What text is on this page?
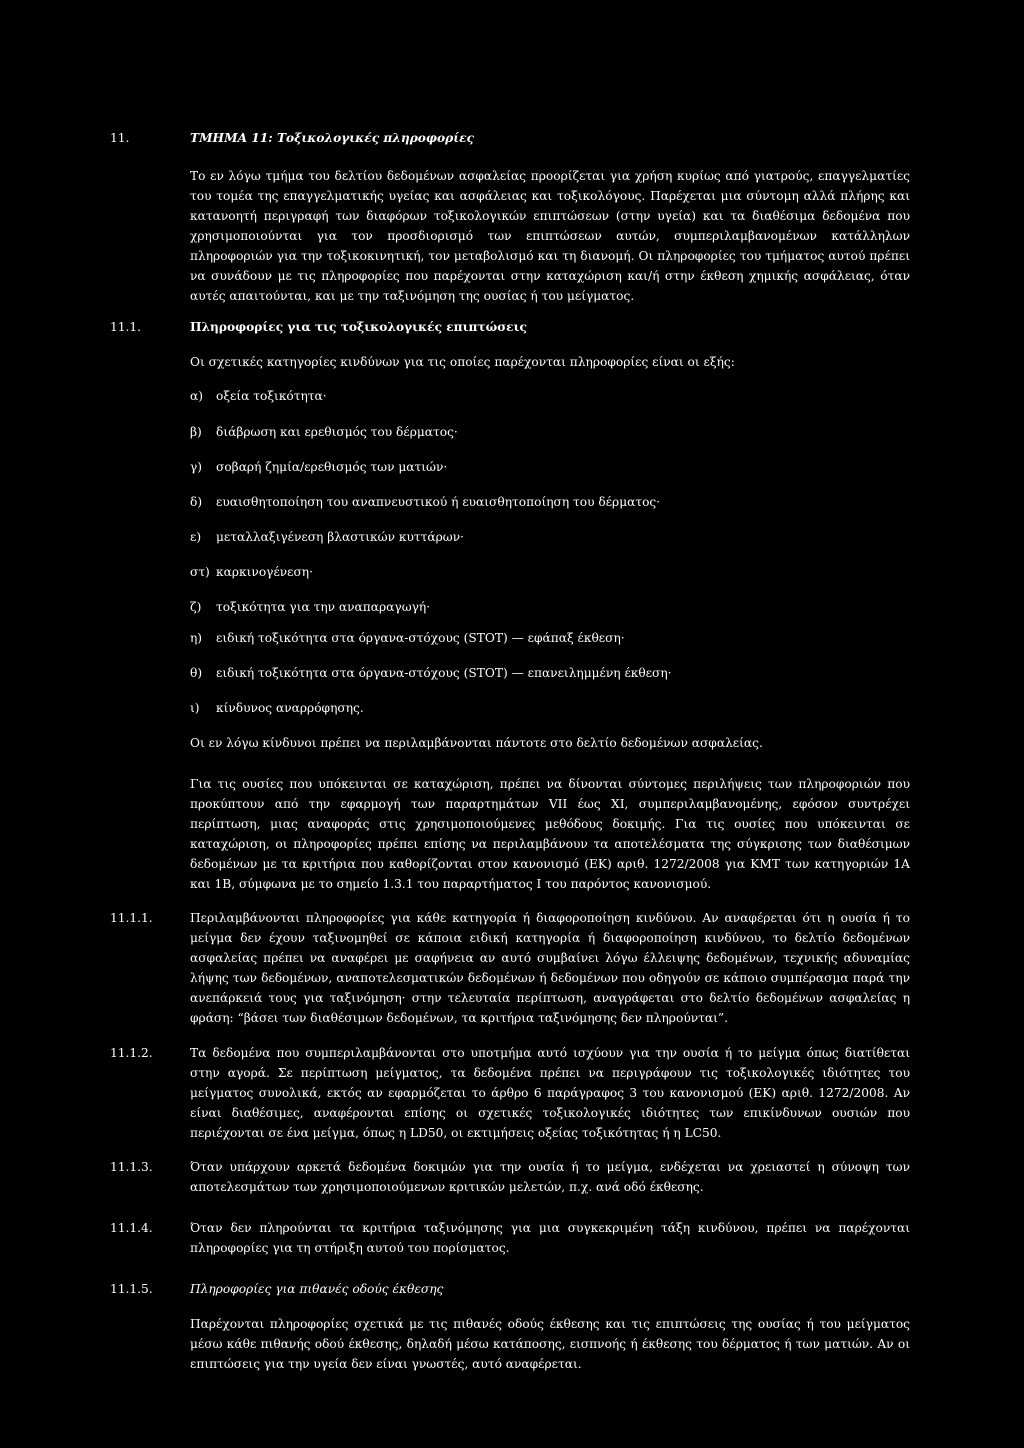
11.	ΤΜΗΜΑ 11: Τοξικολογικές πληροφορίες
Το εν λόγω τμήμα του δελτίου δεδομένων ασφαλείας προορίζεται για χρήση κυρίως από γιατρούς, επαγγελματίες του τομέα της επαγγελματικής υγείας και ασφάλειας και τοξικολόγους. Παρέχεται μια σύντομη αλλά πλήρης και κατανοητή περιγραφή των διαφόρων τοξικολογικών επιπτώσεων (στην υγεία) και τα διαθέσιμα δεδομένα που χρησιμοποιούνται για τον προσδιορισμό των επιπτώσεων αυτών, συμπεριλαμβανομένων κατάλληλων πληροφοριών για την τοξικοκινητική, τον μεταβολισμό και τη διανομή. Οι πληροφορίες του τμήματος αυτού πρέπει να συνάδουν με τις πληροφορίες που παρέχονται στην καταχώριση και/ή στην έκθεση χημικής ασφάλειας, όταν αυτές απαιτούνται, και με την ταξινόμηση της ουσίας ή του μείγματος.
11.1.	Πληροφορίες για τις τοξικολογικές επιπτώσεις
Οι σχετικές κατηγορίες κινδύνων για τις οποίες παρέχονται πληροφορίες είναι οι εξής:
α) οξεία τοξικότητα·
β) διάβρωση και ερεθισμός του δέρματος·
γ) σοβαρή ζημία/ερεθισμός των ματιών·
δ) ευαισθητοποίηση του αναπνευστικού ή ευαισθητοποίηση του δέρματος·
ε) μεταλλαξιγένεση βλαστικών κυττάρων·
στ) καρκινογένεση·
ζ) τοξικότητα για την αναπαραγωγή·
η) ειδική τοξικότητα στα όργανα-στόχους (STOT) — εφάπαξ έκθεση·
θ) ειδική τοξικότητα στα όργανα-στόχους (STOT) — επανειλημμένη έκθεση·
ι) κίνδυνος αναρρόφησης.
Οι εν λόγω κίνδυνοι πρέπει να περιλαμβάνονται πάντοτε στο δελτίο δεδομένων ασφαλείας.
Για τις ουσίες που υπόκεινται σε καταχώριση, πρέπει να δίνονται σύντομες περιλήψεις των πληροφοριών που προκύπτουν από την εφαρμογή των παραρτημάτων VII έως XI, συμπεριλαμβανομένης, εφόσον συντρέχει περίπτωση, μιας αναφοράς στις χρησιμοποιούμενες μεθόδους δοκιμής. Για τις ουσίες που υπόκεινται σε καταχώριση, οι πληροφορίες πρέπει επίσης να περιλαμβάνουν τα αποτελέσματα της σύγκρισης των διαθέσιμων δεδομένων με τα κριτήρια που καθορίζονται στον κανονισμό (ΕΚ) αριθ. 1272/2008 για ΚΜΤ των κατηγοριών 1Α και 1Β, σύμφωνα με το σημείο 1.3.1 του παραρτήματος I του παρόντος κανονισμού.
11.1.1.	Περιλαμβάνονται πληροφορίες για κάθε κατηγορία ή διαφοροποίηση κινδύνου. Αν αναφέρεται ότι η ουσία ή το μείγμα δεν έχουν ταξινομηθεί σε κάποια ειδική κατηγορία ή διαφοροποίηση κινδύνου, το δελτίο δεδομένων ασφαλείας πρέπει να αναφέρει με σαφήνεια αν αυτό συμβαίνει λόγω έλλειψης δεδομένων, τεχνικής αδυναμίας λήψης των δεδομένων, αναποτελεσματικών δεδομένων ή δεδομένων που οδηγούν σε κάποιο συμπέρασμα παρά την ανεπάρκειά τους για ταξινόμηση· στην τελευταία περίπτωση, αναγράφεται στο δελτίο δεδομένων ασφαλείας η φράση: “βάσει των διαθέσιμων δεδομένων, τα κριτήρια ταξινόμησης δεν πληρούνται”.
11.1.2.	Τα δεδομένα που συμπεριλαμβάνονται στο υποτμήμα αυτό ισχύουν για την ουσία ή το μείγμα όπως διατίθεται στην αγορά. Σε περίπτωση μείγματος, τα δεδομένα πρέπει να περιγράφουν τις τοξικολογικές ιδιότητες του μείγματος συνολικά, εκτός αν εφαρμόζεται το άρθρο 6 παράγραφος 3 του κανονισμού (ΕΚ) αριθ. 1272/2008. Αν είναι διαθέσιμες, αναφέρονται επίσης οι σχετικές τοξικολογικές ιδιότητες των επικίνδυνων ουσιών που περιέχονται σε ένα μείγμα, όπως η LD50, οι εκτιμήσεις οξείας τοξικότητας ή η LC50.
11.1.3.	Όταν υπάρχουν αρκετά δεδομένα δοκιμών για την ουσία ή το μείγμα, ενδέχεται να χρειαστεί η σύνοψη των αποτελεσμάτων των χρησιμοποιούμενων κριτικών μελετών, π.χ. ανά οδό έκθεσης.
11.1.4.	Όταν δεν πληρούνται τα κριτήρια ταξινόμησης για μια συγκεκριμένη τάξη κινδύνου, πρέπει να παρέχονται πληροφορίες για τη στήριξη αυτού του πορίσματος.
11.1.5.	Πληροφορίες για πιθανές οδούς έκθεσης
Παρέχονται πληροφορίες σχετικά με τις πιθανές οδούς έκθεσης και τις επιπτώσεις της ουσίας ή του μείγματος μέσω κάθε πιθανής οδού έκθεσης, δηλαδή μέσω κατάποσης, εισπνοής ή έκθεσης του δέρματος ή των ματιών. Αν οι επιπτώσεις για την υγεία δεν είναι γνωστές, αυτό αναφέρεται.
